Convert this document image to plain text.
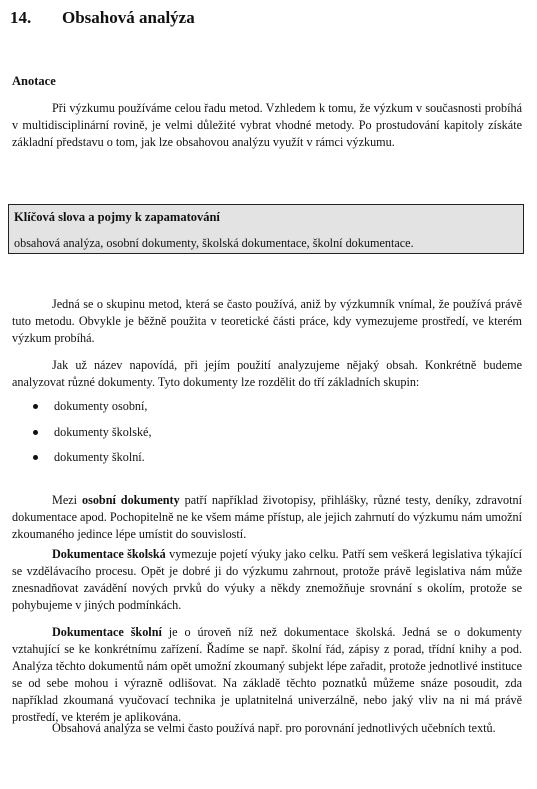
14. Obsahová analýza
Anotace

Při výzkumu používáme celou řadu metod. Vzhledem k tomu, že výzkum v současnosti probíhá v multidisciplinární rovině, je velmi důležité vybrat vhodné metody. Po prostudování kapitoly získáte základní představu o tom, jak lze obsahovou analýzu využít v rámci výzkumu.

Klíčová slova a pojmy k zapamatování
obsahová analýza, osobní dokumenty, školská dokumentace, školní dokumentace.

Jedná se o skupinu metod, která se často používá, aniž by výzkumník vnímal, že používá právě tuto metodu. Obvykle je běžně použita v teoretické části práce, kdy vymezujeme prostředí, ve kterém výzkum probíhá.

Jak už název napovídá, při jejím použití analyzujeme nějaký obsah. Konkrétně budeme analyzovat různé dokumenty. Tyto dokumenty lze rozdělit do tří základních skupin:

dokumenty osobní,
dokumenty školské,
dokumenty školní.

Mezi osobní dokumenty patří například životopisy, přihlášky, různé testy, deníky, zdravotní dokumentace apod. Pochopitelně ne ke všem máme přístup, ale jejich zahrnutí do výzkumu nám umožní zkoumaného jedince lépe umístit do souvislostí.

Dokumentace školská vymezuje pojetí výuky jako celku. Patří sem veškerá legislativa týkající se vzdělávacího procesu. Opět je dobré ji do výzkumu zahrnout, protože právě legislativa nám může znesnadňovat zavádění nových prvků do výuky a někdy znemožňuje srovnání s okolím, protože se pohybujeme v jiných podmínkách.

Dokumentace školní je o úroveň níž než dokumentace školská. Jedná se o dokumenty vztahující se ke konkrétnímu zařízení. Řadíme se např. školní řád, zápisy z porad, třídní knihy a pod. Analýza těchto dokumentů nám opět umožní zkoumaný subjekt lépe zařadit, protože jednotlivé instituce se od sebe mohou i výrazně odlišovat. Na základě těchto poznatků můžeme snáze posoudit, zda například zkoumaná vyučovací technika je uplatnitelná univerzálně, nebo jaký vliv na ni má právě prostředí, ve kterém je aplikována.

Obsahová analýza se velmi často používá např. pro porovnání jednotlivých učebních textů.
